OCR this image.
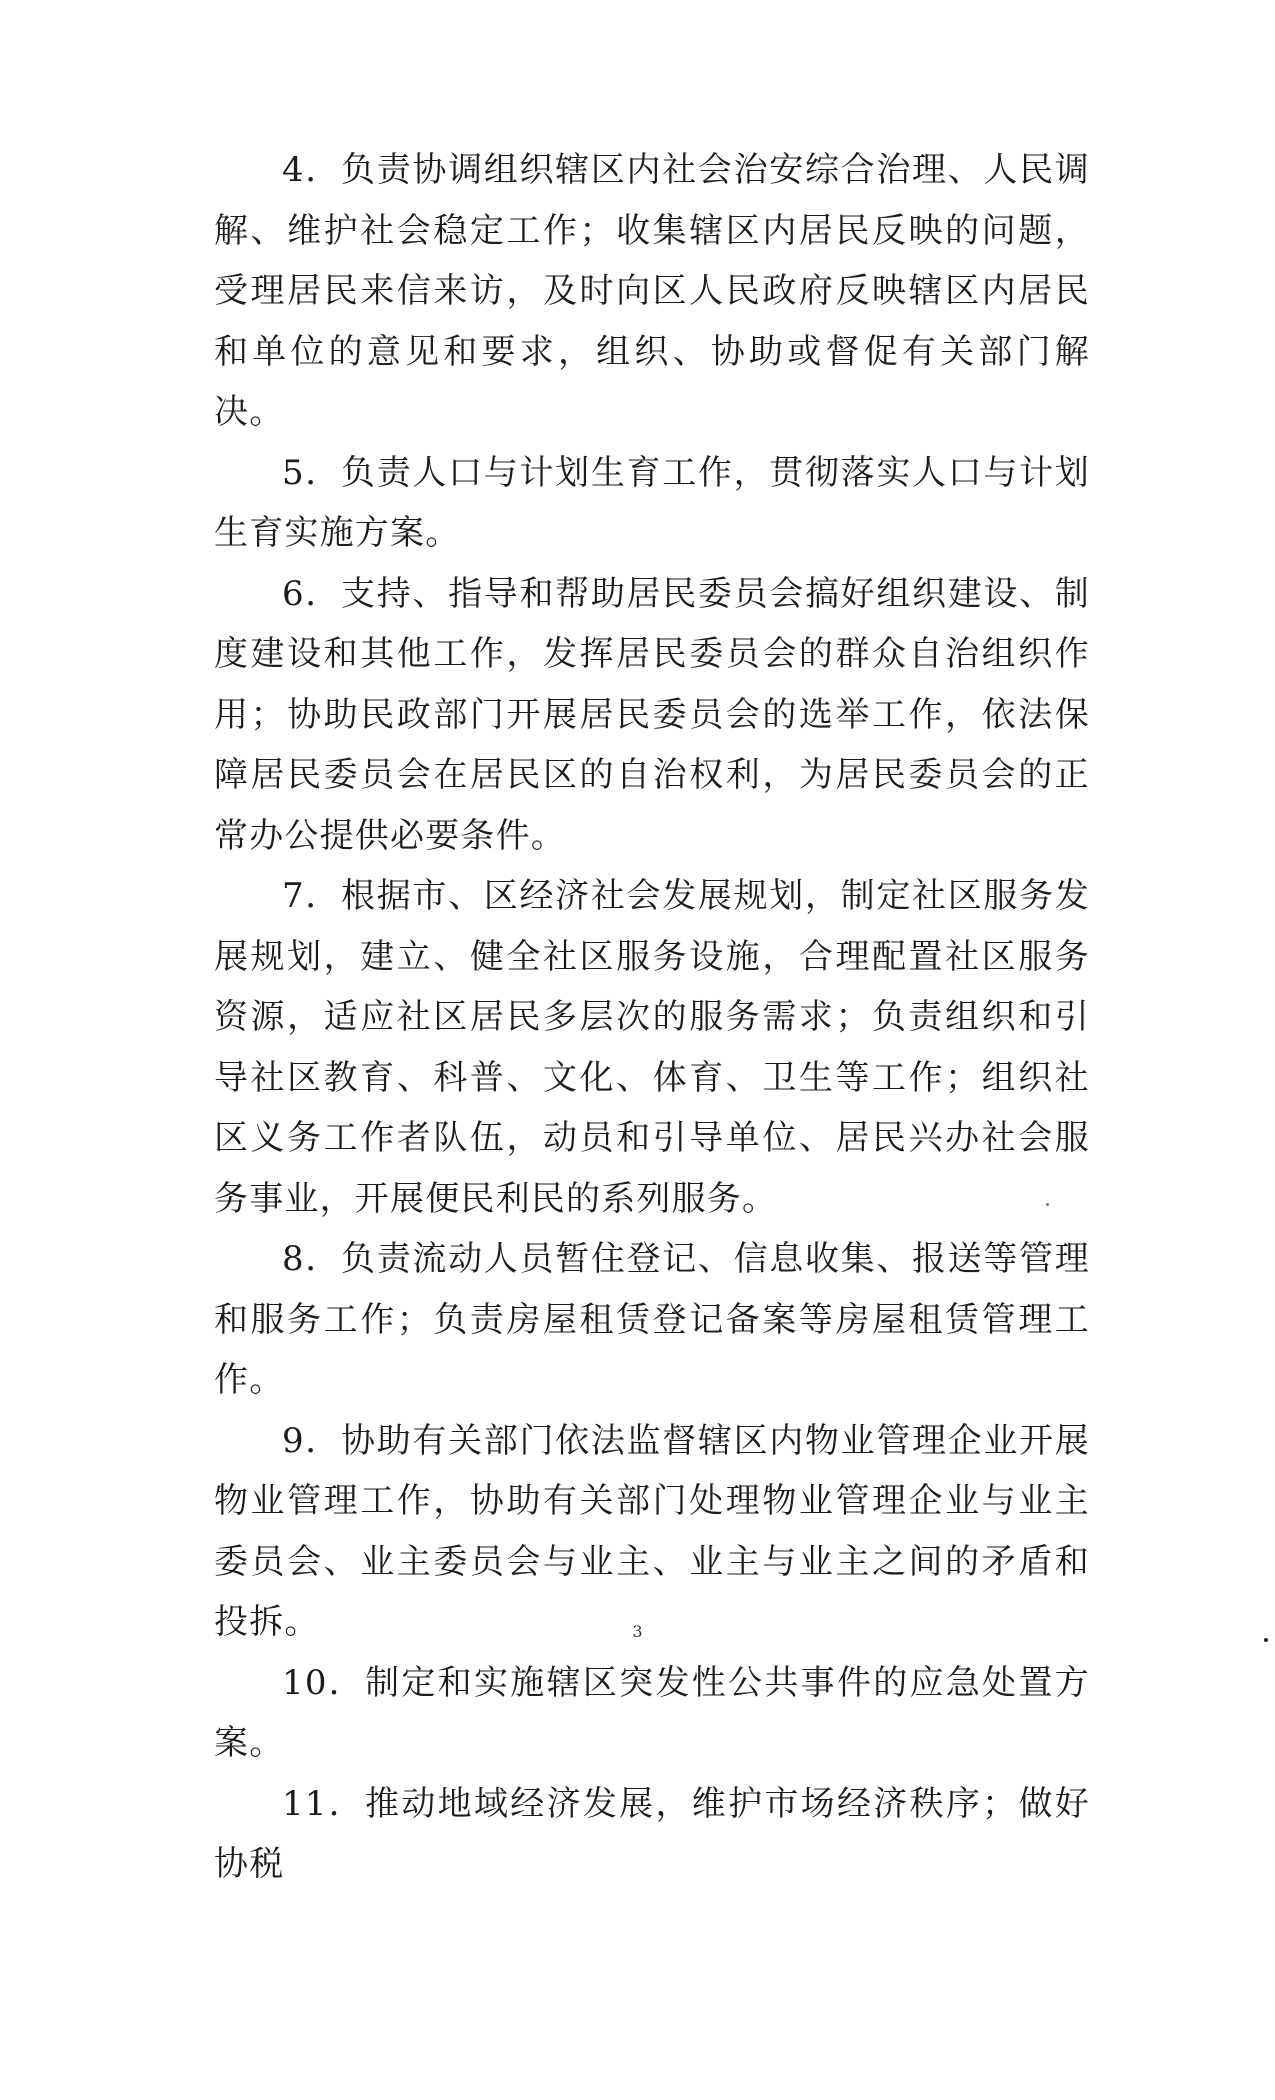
4．负责协调组织辖区内社会治安综合治理、人民调解、维护社会稳定工作；收集辖区内居民反映的问题，受理居民来信来访，及时向区人民政府反映辖区内居民和单位的意见和要求，组织、协助或督促有关部门解决。

5．负责人口与计划生育工作，贯彻落实人口与计划生育实施方案。

6．支持、指导和帮助居民委员会搞好组织建设、制度建设和其他工作，发挥居民委员会的群众自治组织作用；协助民政部门开展居民委员会的选举工作，依法保障居民委员会在居民区的自治权利，为居民委员会的正常办公提供必要条件。

7．根据市、区经济社会发展规划，制定社区服务发展规划，建立、健全社区服务设施，合理配置社区服务资源，适应社区居民多层次的服务需求；负责组织和引导社区教育、科普、文化、体育、卫生等工作；组织社区义务工作者队伍，动员和引导单位、居民兴办社会服务事业，开展便民利民的系列服务。

8．负责流动人员暂住登记、信息收集、报送等管理和服务工作；负责房屋租赁登记备案等房屋租赁管理工作。

9．协助有关部门依法监督辖区内物业管理企业开展物业管理工作，协助有关部门处理物业管理企业与业主委员会、业主委员会与业主、业主与业主之间的矛盾和投拆。

10．制定和实施辖区突发性公共事件的应急处置方案。

11．推动地域经济发展，维护市场经济秩序；做好协税

3
